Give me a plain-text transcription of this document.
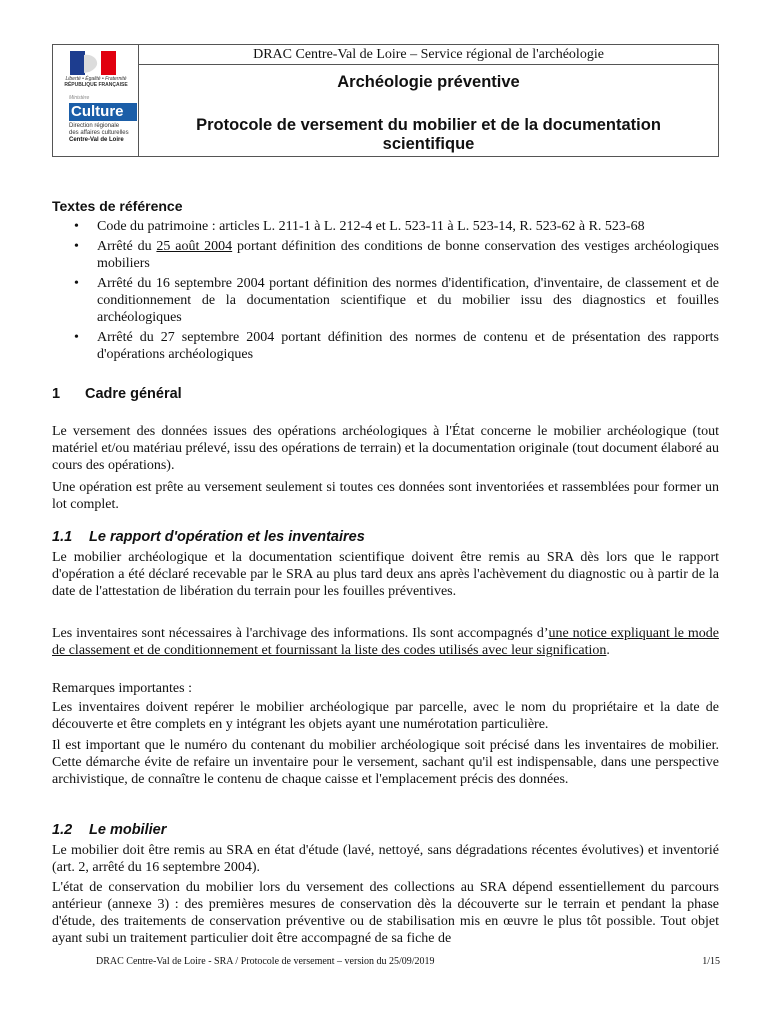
Liberté • Égalité • Fraternité
RÉPUBLIQUE FRANÇAISE
Ministère
Culture
Direction régionale
des affaires culturelles
Centre-Val de Loire
DRAC Centre-Val de Loire – Service régional de l'archéologie
Archéologie préventive
Protocole de versement du mobilier et de la documentation scientifique
Textes de référence
• Code du patrimoine : articles L. 211-1 à L. 212-4 et L. 523-11 à L. 523-14, R. 523-62 à R. 523-68
• Arrêté du 25 août 2004 portant définition des conditions de bonne conservation des vestiges archéologiques mobiliers
• Arrêté du 16 septembre 2004 portant définition des normes d'identification, d'inventaire, de classement et de conditionnement de la documentation scientifique et du mobilier issu des diagnostics et fouilles archéologiques
• Arrêté du 27 septembre 2004 portant définition des normes de contenu et de présentation des rapports d'opérations archéologiques
1 Cadre général

Le versement des données issues des opérations archéologiques à l'État concerne le mobilier archéologique (tout matériel et/ou matériau prélevé, issu des opérations de terrain) et la documentation originale (tout document élaboré au cours des opérations).

Une opération est prête au versement seulement si toutes ces données sont inventoriées et rassemblées pour former un lot complet.

1.1 Le rapport d'opération et les inventaires

Le mobilier archéologique et la documentation scientifique doivent être remis au SRA dès lors que le rapport d'opération a été déclaré recevable par le SRA au plus tard deux ans après l'achèvement du diagnostic ou à partir de la date de l'attestation de libération du terrain pour les fouilles préventives.

Les inventaires sont nécessaires à l'archivage des informations. Ils sont accompagnés d’une notice expliquant le mode de classement et de conditionnement et fournissant la liste des codes utilisés avec leur signification.

Remarques importantes :

Les inventaires doivent repérer le mobilier archéologique par parcelle, avec le nom du propriétaire et la date de découverte et être complets en y intégrant les objets ayant une numérotation particulière.

Il est important que le numéro du contenant du mobilier archéologique soit précisé dans les inventaires de mobilier. Cette démarche évite de refaire un inventaire pour le versement, sachant qu'il est indispensable, dans une perspective archivistique, de connaître le contenu de chaque caisse et l'emplacement précis des données.

1.2 Le mobilier

Le mobilier doit être remis au SRA en état d'étude (lavé, nettoyé, sans dégradations récentes évolutives) et inventorié (art. 2, arrêté du 16 septembre 2004).

L'état de conservation du mobilier lors du versement des collections au SRA dépend essentiellement du parcours antérieur (annexe 3) : des premières mesures de conservation dès la découverte sur le terrain et pendant la phase d'étude, des traitements de conservation préventive ou de stabilisation mis en œuvre le plus tôt possible. Tout objet ayant subi un traitement particulier doit être accompagné de sa fiche de

DRAC Centre-Val de Loire - SRA / Protocole de versement – version du 25/09/2019	1/15
